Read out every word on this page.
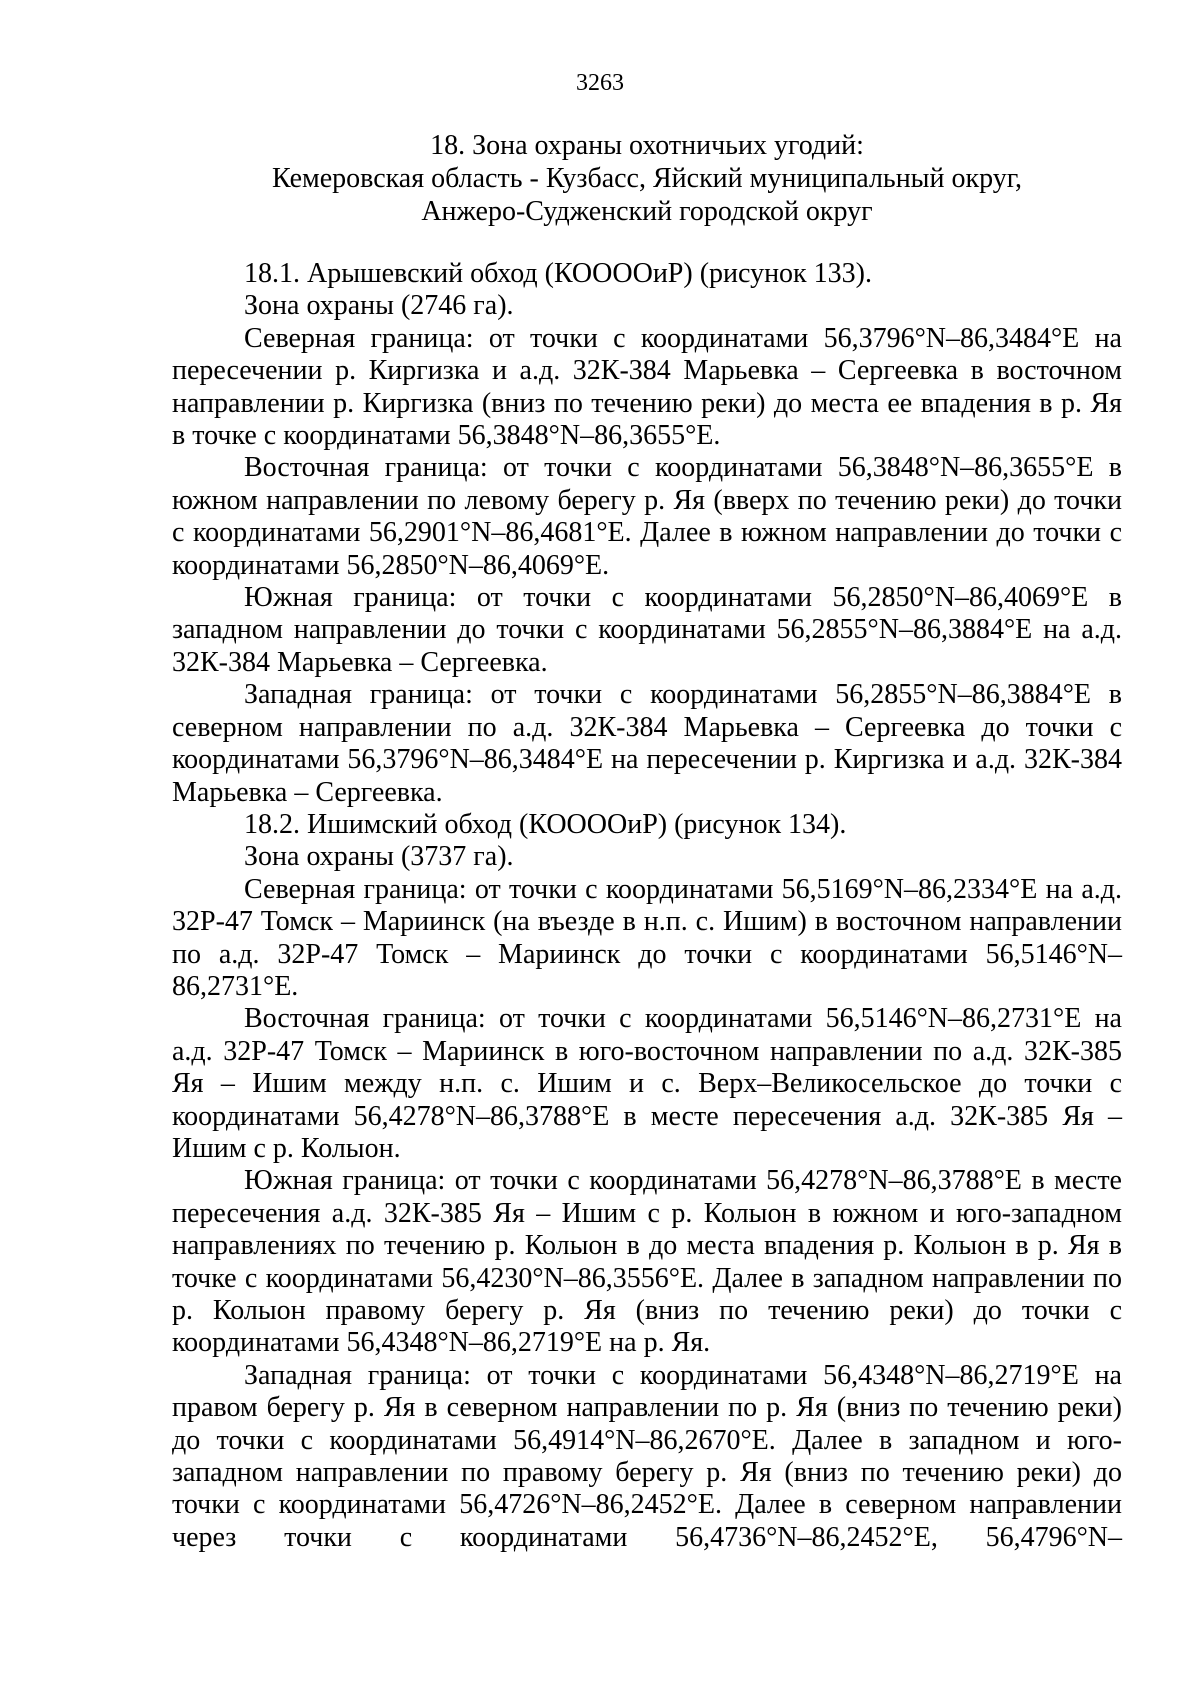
3263
18. Зона охраны охотничьих угодий:
Кемеровская область - Кузбасс, Яйский муниципальный округ,
Анжеро-Судженский городской округ

18.1. Арышевский обход (КООООиР) (рисунок 133).

Зона охраны (2746 га).

Северная граница: от точки с координатами 56,3796°N–86,3484°E на пересечении р. Киргизка и а.д. 32К-384 Марьевка – Сергеевка в восточном направлении р. Киргизка (вниз по течению реки) до места ее впадения в р. Яя в точке с координатами 56,3848°N–86,3655°E.

Восточная граница: от точки с координатами 56,3848°N–86,3655°E в южном направлении по левому берегу р. Яя (вверх по течению реки) до точки с координатами 56,2901°N–86,4681°E. Далее в южном направлении до точки с координатами 56,2850°N–86,4069°E.

Южная граница: от точки с координатами 56,2850°N–86,4069°E в западном направлении до точки с координатами 56,2855°N–86,3884°E на а.д. 32К-384 Марьевка – Сергеевка.

Западная граница: от точки с координатами 56,2855°N–86,3884°E в северном направлении по а.д. 32К-384 Марьевка – Сергеевка до точки с координатами 56,3796°N–86,3484°E на пересечении р. Киргизка и а.д. 32К-384 Марьевка – Сергеевка.

18.2. Ишимский обход (КООООиР) (рисунок 134).

Зона охраны (3737 га).

Северная граница: от точки с координатами 56,5169°N–86,2334°E на а.д. 32Р-47 Томск – Мариинск (на въезде в н.п. с. Ишим) в восточном направлении по а.д. 32Р-47 Томск – Мариинск до точки с координатами 56,5146°N–86,2731°E.

Восточная граница: от точки с координатами 56,5146°N–86,2731°E на а.д. 32Р-47 Томск – Мариинск в юго-восточном направлении по а.д. 32К-385 Яя – Ишим между н.п. с. Ишим и с. Верх–Великосельское до точки с координатами 56,4278°N–86,3788°E в месте пересечения а.д. 32К-385 Яя – Ишим с р. Колыон.

Южная граница: от точки с координатами 56,4278°N–86,3788°E в месте пересечения а.д. 32К-385 Яя – Ишим с р. Колыон в южном и юго-западном направлениях по течению р. Колыон в до места впадения р. Колыон в р. Яя в точке с координатами 56,4230°N–86,3556°E. Далее в западном направлении по р. Колыон правому берегу р. Яя (вниз по течению реки) до точки с координатами 56,4348°N–86,2719°E на р. Яя.

Западная граница: от точки с координатами 56,4348°N–86,2719°E на правом берегу р. Яя в северном направлении по р. Яя (вниз по течению реки) до точки с координатами 56,4914°N–86,2670°E. Далее в западном и юго-западном направлении по правому берегу р. Яя (вниз по течению реки) до точки с координатами 56,4726°N–86,2452°E. Далее в северном направлении через точки с координатами 56,4736°N–86,2452°E, 56,4796°N–
